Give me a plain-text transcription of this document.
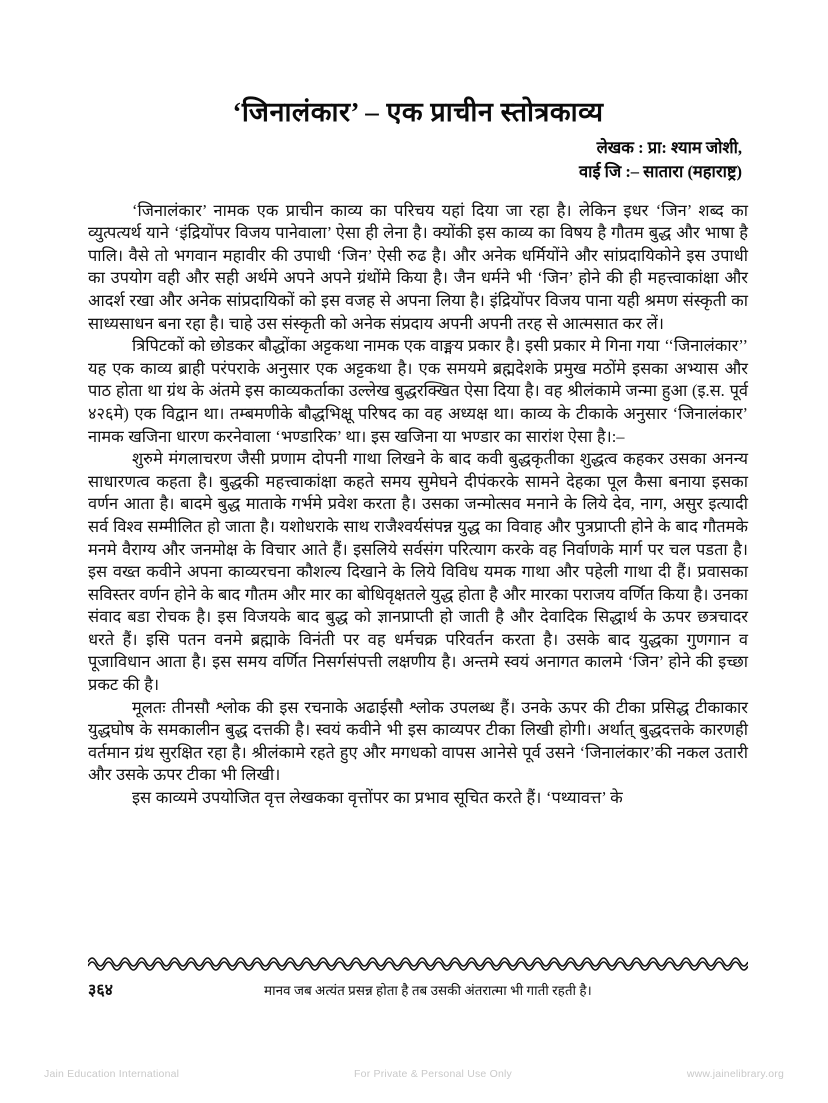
‘जिनालंकार’ – एक प्राचीन स्तोत्रकाव्य
लेखक : प्रा: श्याम जोशी,
वाई जि :– सातारा (महाराष्ट्र)

‘जिनालंकार’ नामक एक प्राचीन काव्य का परिचय यहां दिया जा रहा है। लेकिन इधर ‘जिन’ शब्द का व्युत्पत्यर्थ याने ‘इंद्रियोंपर विजय पानेवाला’ ऐसा ही लेना है। क्योंकी इस काव्य का विषय है गौतम बुद्ध और भाषा है पालि। वैसे तो भगवान महावीर की उपाधी ‘जिन’ ऐसी रुढ है। और अनेक धर्मियोंने और सांप्रदायिकोने इस उपाधी का उपयोग वही और सही अर्थमे अपने अपने ग्रंथोंमे किया है। जैन धर्मने भी ‘जिन’ होने की ही महत्त्वाकांक्षा और आदर्श रखा और अनेक सांप्रदायिकों को इस वजह से अपना लिया है। इंद्रियोंपर विजय पाना यही श्रमण संस्कृती का साध्यसाधन बना रहा है। चाहे उस संस्कृती को अनेक संप्रदाय अपनी अपनी तरह से आत्मसात कर लें।

त्रिपिटकों को छोडकर बौद्धोंका अट्टकथा नामक एक वाङ्मय प्रकार है। इसी प्रकार मे गिना गया ‘‘जिनालंकार’’ यह एक काव्य ब्राही परंपराके अनुसार एक अट्टकथा है। एक समयमे ब्रह्मदेशके प्रमुख मठोंमे इसका अभ्यास और पाठ होता था ग्रंथ के अंतमे इस काव्यकर्ताका उल्लेख बुद्धरक्खित ऐसा दिया है। वह श्रीलंकामे जन्मा हुआ (इ.स. पूर्व ४२६मे) एक विद्वान था। तम्बमणीके बौद्धभिक्षू परिषद का वह अध्यक्ष था। काव्य के टीकाके अनुसार ‘जिनालंकार’ नामक खजिना धारण करनेवाला ‘भण्डारिक’ था। इस खजिना या भण्डार का सारांश ऐसा है।:–

शुरुमे मंगलाचरण जैसी प्रणाम दोपनी गाथा लिखने के बाद कवी बुद्धकृतीका शुद्धत्व कहकर उसका अनन्य साधारणत्व कहता है। बुद्धकी महत्त्वाकांक्षा कहते समय सुमेघने दीपंकरके सामने देहका पूल कैसा बनाया इसका वर्णन आता है। बादमे बुद्ध माताके गर्भमे प्रवेश करता है। उसका जन्मोत्सव मनाने के लिये देव, नाग, असुर इत्यादी सर्व विश्व सम्मीलित हो जाता है। यशोधराके साथ राजैश्वर्यसंपन्न युद्ध का विवाह और पुत्रप्राप्ती होने के बाद गौतमके मनमे वैराग्य और जनमोक्ष के विचार आते हैं। इसलिये सर्वसंग परित्याग करके वह निर्वाणके मार्ग पर चल पडता है। इस वख्त कवीने अपना काव्यरचना कौशल्य दिखाने के लिये विविध यमक गाथा और पहेली गाथा दी हैं। प्रवासका सविस्तर वर्णन होने के बाद गौतम और मार का बोधिवृक्षतले युद्ध होता है और मारका पराजय वर्णित किया है। उनका संवाद बडा रोचक है। इस विजयके बाद बुद्ध को ज्ञानप्राप्ती हो जाती है और देवादिक सिद्धार्थ के ऊपर छत्रचादर धरते हैं। इसि पतन वनमे ब्रह्माके विनंती पर वह धर्मचक्र परिवर्तन करता है। उसके बाद युद्धका गुणगान व पूजाविधान आता है। इस समय वर्णित निसर्गसंपत्ती लक्षणीय है। अन्तमे स्वयं अनागत कालमे ‘जिन’ होने की इच्छा प्रकट की है।

मूलतः तीनसौ श्लोक की इस रचनाके अढाईसौ श्लोक उपलब्ध हैं। उनके ऊपर की टीका प्रसिद्ध टीकाकार युद्धघोष के समकालीन बुद्ध दत्तकी है। स्वयं कवीने भी इस काव्यपर टीका लिखी होगी। अर्थात् बुद्धदत्तके कारणही वर्तमान ग्रंथ सुरक्षित रहा है। श्रीलंकामे रहते हुए और मगधको वापस आनेसे पूर्व उसने ‘जिनालंकार’की नकल उतारी और उसके ऊपर टीका भी लिखी।

इस काव्यमे उपयोजित वृत्त लेखकका वृत्तोंपर का प्रभाव सूचित करते हैं। ‘पथ्यावत्त’ के

३६४	मानव जब अत्यंत प्रसन्न होता है तब उसकी अंतरात्मा भी गाती रहती है।
Jain Education International	For Private & Personal Use Only	www.jainelibrary.org
